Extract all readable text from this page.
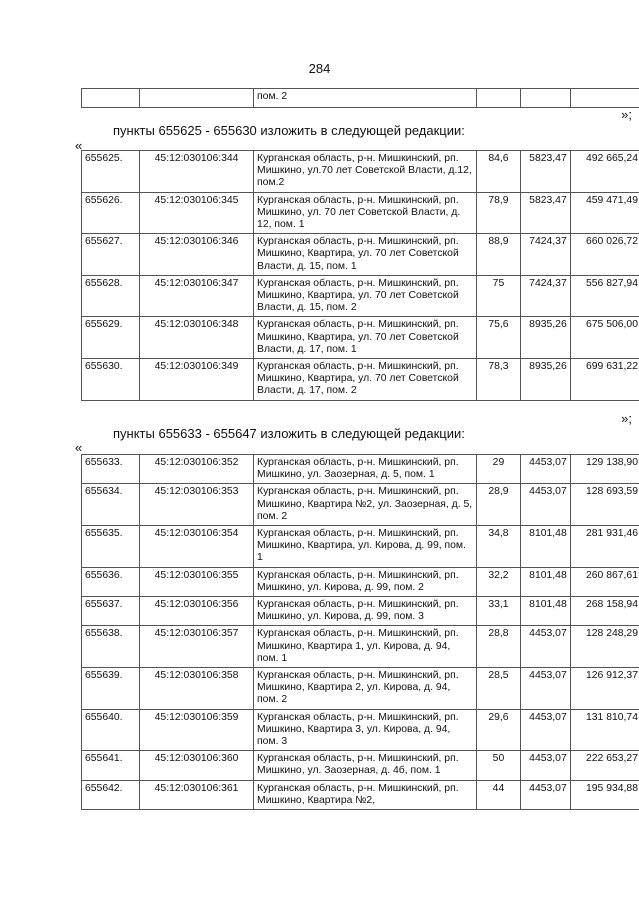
284
		пом. 2			
»;
пункты 655625 - 655630 изложить в следующей редакции:
«
655625.	45:12:030106:344	Курганская область, р-н. Мишкинский, рп. Мишкино, ул.70 лет Советской Власти, д.12, пом.2	84,6	5823,47	492 665,24
655626.	45:12:030106:345	Курганская область, р-н. Мишкинский, рп. Мишкино, ул. 70 лет Советской Власти, д. 12, пом. 1	78,9	5823,47	459 471,49
655627.	45:12:030106:346	Курганская область, р-н. Мишкинский, рп. Мишкино, Квартира, ул. 70 лет Советской Власти, д. 15, пом. 1	88,9	7424,37	660 026,72
655628.	45:12:030106:347	Курганская область, р-н. Мишкинский, рп. Мишкино, Квартира, ул. 70 лет Советской Власти, д. 15, пом. 2	75	7424,37	556 827,94
655629.	45:12:030106:348	Курганская область, р-н. Мишкинский, рп. Мишкино, Квартира, ул. 70 лет Советской Власти, д. 17, пом. 1	75,6	8935,26	675 506,00
655630.	45:12:030106:349	Курганская область, р-н. Мишкинский, рп. Мишкино, Квартира, ул. 70 лет Советской Власти, д. 17, пом. 2	78,3	8935,26	699 631,22
»;
пункты 655633 - 655647 изложить в следующей редакции:
«
655633.	45:12:030106:352	Курганская область, р-н. Мишкинский, рп. Мишкино, ул. Заозерная, д. 5, пом. 1	29	4453,07	129 138,90
655634.	45:12:030106:353	Курганская область, р-н. Мишкинский, рп. Мишкино, Квартира №2, ул. Заозерная, д. 5, пом. 2	28,9	4453,07	128 693,59
655635.	45:12:030106:354	Курганская область, р-н. Мишкинский, рп. Мишкино, Квартира, ул. Кирова, д. 99, пом. 1	34,8	8101,48	281 931,46
655636.	45:12:030106:355	Курганская область, р-н. Мишкинский, рп. Мишкино, ул. Кирова, д. 99, пом. 2	32,2	8101,48	260 867,61
655637.	45:12:030106:356	Курганская область, р-н. Мишкинский, рп. Мишкино, ул. Кирова, д. 99, пом. 3	33,1	8101,48	268 158,94
655638.	45:12:030106:357	Курганская область, р-н. Мишкинский, рп. Мишкино, Квартира 1, ул. Кирова, д. 94, пом. 1	28,8	4453,07	128 248,29
655639.	45:12:030106:358	Курганская область, р-н. Мишкинский, рп. Мишкино, Квартира 2, ул. Кирова, д. 94, пом. 2	28,5	4453,07	126 912,37
655640.	45:12:030106:359	Курганская область, р-н. Мишкинский, рп. Мишкино, Квартира 3, ул. Кирова, д. 94, пом. 3	29,6	4453,07	131 810,74
655641.	45:12:030106:360	Курганская область, р-н. Мишкинский, рп. Мишкино, ул. Заозерная, д. 4б, пом. 1	50	4453,07	222 653,27
655642.	45:12:030106:361	Курганская область, р-н. Мишкинский, рп. Мишкино, Квартира №2,	44	4453,07	195 934,88
